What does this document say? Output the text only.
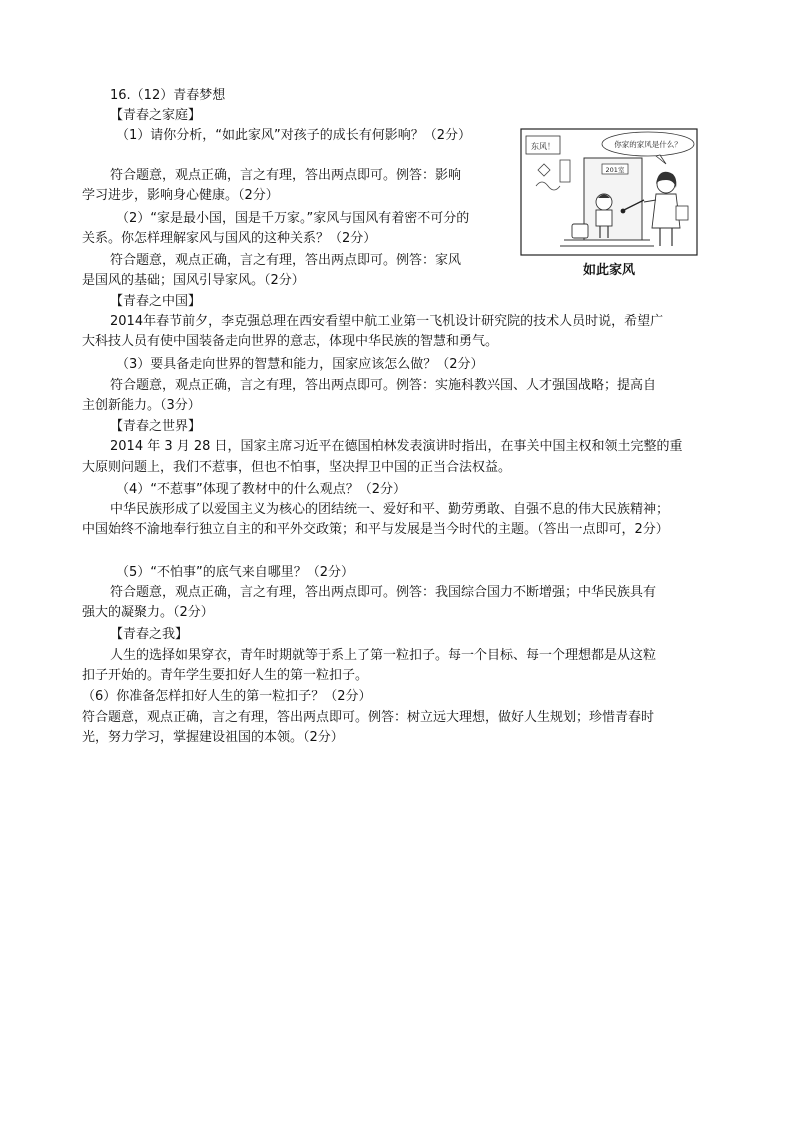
16.（12）青春梦想
【青春之家庭】
（1）请你分析，“如此家风”对孩子的成长有何影响？（2分）
符合题意，观点正确，言之有理，答出两点即可。例答：影响
学习进步，影响身心健康。（2分）
（2）“家是最小国，国是千万家。”家风与国风有着密不可分的
关系。你怎样理解家风与国风的这种关系？（2分）
符合题意，观点正确，言之有理，答出两点即可。例答：家风
是国风的基础；国风引导家风。（2分）
【青春之中国】
2014年春节前夕，李克强总理在西安看望中航工业第一飞机设计研究院的技术人员时说，希望广
大科技人员有使中国装备走向世界的意志，体现中华民族的智慧和勇气。
（3）要具备走向世界的智慧和能力，国家应该怎么做？（2分）
符合题意，观点正确，言之有理，答出两点即可。例答：实施科教兴国、人才强国战略；提高自
主创新能力。（3分）
【青春之世界】
2014 年 3 月 28 日，国家主席习近平在德国柏林发表演讲时指出，在事关中国主权和领土完整的重
大原则问题上，我们不惹事，但也不怕事，坚决捍卫中国的正当合法权益。
（4）“不惹事”体现了教材中的什么观点？（2分）
中华民族形成了以爱国主义为核心的团结统一、爱好和平、勤劳勇敢、自强不息的伟大民族精神；
中国始终不渝地奉行独立自主的和平外交政策；和平与发展是当今时代的主题。（答出一点即可，2分）
（5）“不怕事”的底气来自哪里？（2分）
符合题意，观点正确，言之有理，答出两点即可。例答：我国综合国力不断增强；中华民族具有
强大的凝聚力。（2分）
【青春之我】
人生的选择如果穿衣，青年时期就等于系上了第一粒扣子。每一个目标、每一个理想都是从这粒
扣子开始的。青年学生要扣好人生的第一粒扣子。
（6）你准备怎样扣好人生的第一粒扣子？（2分）
符合题意，观点正确，言之有理，答出两点即可。例答：树立远大理想，做好人生规划；珍惜青春时
光，努力学习，掌握建设祖国的本领。（2分）
东风！	你家的家风是什么？
201室
如此家风
